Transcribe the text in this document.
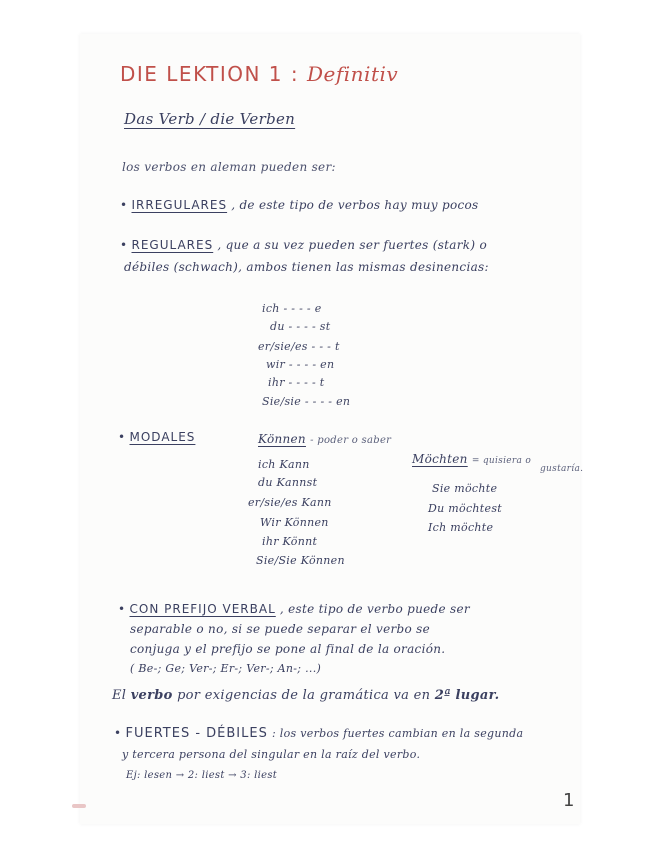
DIE LEKTION 1 : Definitiv
Das Verb / die Verben
los verbos en aleman pueden ser:
• IRREGULARES , de este tipo de verbos hay muy pocos
• REGULARES , que a su vez pueden ser fuertes (stark) o
débiles (schwach), ambos tienen las mismas desinencias:
ich - - - - e
du - - - - st
er/sie/es - - - t
wir - - - - en
ihr - - - - t
Sie/sie - - - - en
• MODALES	Können - poder o saber
ich Kann
du Kannst
er/sie/es Kann
Wir Können
ihr Könnt
Sie/Sie Können
Möchten = quisiera o
gustaría.
Sie möchte
Du möchtest
Ich möchte
• CON PREFIJO VERBAL , este tipo de verbo puede ser
separable o no, si se puede separar el verbo se
conjuga y el prefijo se pone al final de la oración.
( Be-; Ge; Ver-; Er-; Ver-; An-; ...)
El verbo por exigencias de la gramática va en 2ª lugar.
• FUERTES - DÉBILES : los verbos fuertes cambian en la segunda
y tercera persona del singular en la raíz del verbo.
Ej: lesen → 2: liest → 3: liest
1
